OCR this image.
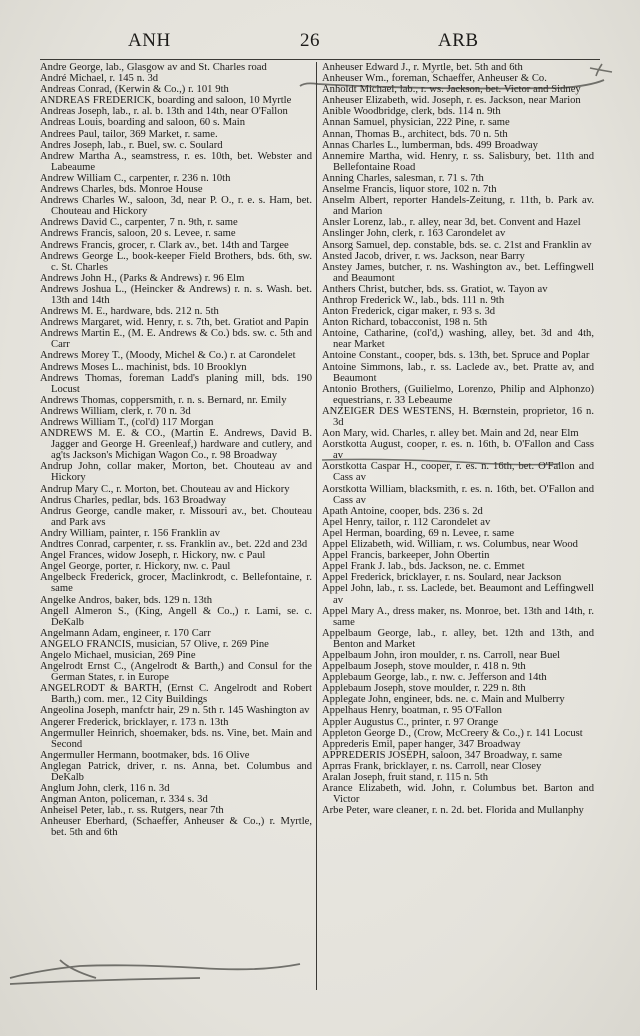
ANH	26	ARB

Andre George, lab., Glasgow av and St. Charles road

André Michael, r. 145 n. 3d

Andreas Conrad, (Kerwin & Co.,) r. 101 9th

ANDREAS FREDERICK, boarding and saloon, 10 Myrtle

Andreas Joseph, lab., r. al. b. 13th and 14th, near O'Fallon

Andreas Louis, boarding and saloon, 60 s. Main

Andrees Paul, tailor, 369 Market, r. same.

Andres Joseph, lab., r. Buel, sw. c. Soulard

Andrew Martha A., seamstress, r. es. 10th, bet. Webster and Labeaume

Andrew William C., carpenter, r. 236 n. 10th

Andrews Charles, bds. Monroe House

Andrews Charles W., saloon, 3d, near P. O., r. e. s. Ham, bet. Chouteau and Hickory

Andrews David C., carpenter, 7 n. 9th, r. same

Andrews Francis, saloon, 20 s. Levee, r. same

Andrews Francis, grocer, r. Clark av., bet. 14th and Targee

Andrews George L., book-keeper Field Brothers, bds. 6th, sw. c. St. Charles

Andrews John H., (Parks & Andrews) r. 96 Elm

Andrews Joshua L., (Heincker & Andrews) r. n. s. Wash. bet. 13th and 14th

Andrews M. E., hardware, bds. 212 n. 5th

Andrews Margaret, wid. Henry, r. s. 7th, bet. Gratiot and Papin

Andrews Martin E., (M. E. Andrews & Co.) bds. sw. c. 5th and Carr

Andrews Morey T., (Moody, Michel & Co.) r. at Carondelet

Andrews Moses L.. machinist, bds. 10 Brooklyn

Andrews Thomas, foreman Ladd's planing mill, bds. 190 Locust

Andrews Thomas, coppersmith, r. n. s. Bernard, nr. Emily

Andrews William, clerk, r. 70 n. 3d

Andrews William T., (col'd) 117 Morgan

ANDREWS M. E. & CO., (Martin E. Andrews, David B. Jagger and George H. Greenleaf,) hardware and cutlery, and ag'ts Jackson's Michigan Wagon Co., r. 98 Broadway

Andrup John, collar maker, Morton, bet. Chouteau av and Hickory

Andrup Mary C., r. Morton, bet. Chouteau av and Hickory

Andrus Charles, pedlar, bds. 163 Broadway

Andrus George, candle maker, r. Missouri av., bet. Chouteau and Park avs

Andry William, painter, r. 156 Franklin av

Andtres Conrad, carpenter, r. ss. Franklin av., bet. 22d and 23d

Angel Frances, widow Joseph, r. Hickory, nw. c Paul

Angel George, porter, r. Hickory, nw. c. Paul

Angelbeck Frederick, grocer, Maclinkrodt, c. Bellefontaine, r. same

Angelke Andros, baker, bds. 129 n. 13th

Angell Almeron S., (King, Angell & Co.,) r. Lami, se. c. DeKalb

Angelmann Adam, engineer, r. 170 Carr

ANGELO FRANCIS, musician, 57 Olive, r. 269 Pine

Angelo Michael, musician, 269 Pine

Angelrodt Ernst C., (Angelrodt & Barth,) and Consul for the German States, r. in Europe

ANGELRODT & BARTH, (Ernst C. Angelrodt and Robert Barth,) com. mer., 12 City Buildings

Angeolina Joseph, manfctr hair, 29 n. 5th r. 145 Washington av

Angerer Frederick, bricklayer, r. 173 n. 13th

Angermuller Heinrich, shoemaker, bds. ns. Vine, bet. Main and Second

Angermuller Hermann, bootmaker, bds. 16 Olive

Anglegan Patrick, driver, r. ns. Anna, bet. Columbus and DeKalb

Anglum John, clerk, 116 n. 3d

Angman Anton, policeman, r. 334 s. 3d

Anheisel Peter, lab., r. ss. Rutgers, near 7th

Anheuser Eberhard, (Schaeffer, Anheuser & Co.,) r. Myrtle, bet. 5th and 6th

Anheuser Edward J., r. Myrtle, bet. 5th and 6th

Anheuser Wm., foreman, Schaeffer, Anheuser & Co.

Anholdt Michael, lab., r. ws. Jackson, bet. Victor and Sidney

Anheuser Elizabeth, wid. Joseph, r. es. Jackson, near Marion

Anible Woodbridge, clerk, bds. 114 n. 9th

Annan Samuel, physician, 222 Pine, r. same

Annan, Thomas B., architect, bds. 70 n. 5th

Annas Charles L., lumberman, bds. 499 Broadway

Annemire Martha, wid. Henry, r. ss. Salisbury, bet. 11th and Bellefontaine Road

Anning Charles, salesman, r. 71 s. 7th

Anselme Francis, liquor store, 102 n. 7th

Anselm Albert, reporter Handels-Zeitung, r. 11th, b. Park av. and Marion

Ansler Lorenz, lab., r. alley, near 3d, bet. Convent and Hazel

Anslinger John, clerk, r. 163 Carondelet av

Ansorg Samuel, dep. constable, bds. se. c. 21st and Franklin av

Ansted Jacob, driver, r. ws. Jackson, near Barry

Anstey James, butcher, r. ns. Washington av., bet. Leffingwell and Beaumont

Anthers Christ, butcher, bds. ss. Gratiot, w. Tayon av

Anthrop Frederick W., lab., bds. 111 n. 9th

Anton Frederick, cigar maker, r. 93 s. 3d

Anton Richard, tobacconist, 198 n. 5th

Antoine, Catharine, (col'd,) washing, alley, bet. 3d and 4th, near Market

Antoine Constant., cooper, bds. s. 13th, bet. Spruce and Poplar

Antoine Simmons, lab., r. ss. Laclede av., bet. Pratte av, and Beaumont

Antonio Brothers, (Guilielmo, Lorenzo, Philip and Alphonzo) equestrians, r. 33 Lebeaume

ANZEIGER DES WESTENS, H. Bœrnstein, proprietor, 16 n. 3d

Aon Mary, wid. Charles, r. alley bet. Main and 2d, near Elm

Aorstkotta August, cooper, r. es. n. 16th, b. O'Fallon and Cass av

Aorstkotta Caspar H., cooper, r. es. n. 16th, bet. O'Fallon and Cass av

Aorstkotta William, blacksmith, r. es. n. 16th, bet. O'Fallon and Cass av

Apath Antoine, cooper, bds. 236 s. 2d

Apel Henry, tailor, r. 112 Carondelet av

Apel Herman, boarding, 69 n. Levee, r. same

Appel Elizabeth, wid. William, r. ws. Columbus, near Wood

Appel Francis, barkeeper, John Obertin

Appel Frank J. lab., bds. Jackson, ne. c. Emmet

Appel Frederick, bricklayer, r. ns. Soulard, near Jackson

Appel John, lab., r. ss. Laclede, bet. Beaumont and Leffingwell av

Appel Mary A., dress maker, ns. Monroe, bet. 13th and 14th, r. same

Appelbaum George, lab., r. alley, bet. 12th and 13th, and Benton and Market

Appelbaum John, iron moulder, r. ns. Carroll, near Buel

Appelbaum Joseph, stove moulder, r. 418 n. 9th

Applebaum George, lab., r. nw. c. Jefferson and 14th

Applebaum Joseph, stove moulder, r. 229 n. 8th

Applegate John, engineer, bds. ne. c. Main and Mulberry

Appelhaus Henry, boatman, r. 95 O'Fallon

Appler Augustus C., printer, r. 97 Orange

Appleton George D., (Crow, McCreery & Co.,) r. 141 Locust

Apprederis Emil, paper hanger, 347 Broadway

APPREDERIS JOSEPH, saloon, 347 Broadway, r. same

Aprras Frank, bricklayer, r. ns. Carroll, near Closey

Aralan Joseph, fruit stand, r. 115 n. 5th

Arance Elizabeth, wid. John, r. Columbus bet. Barton and Victor

Arbe Peter, ware cleaner, r. n. 2d. bet. Florida and Mullanphy
